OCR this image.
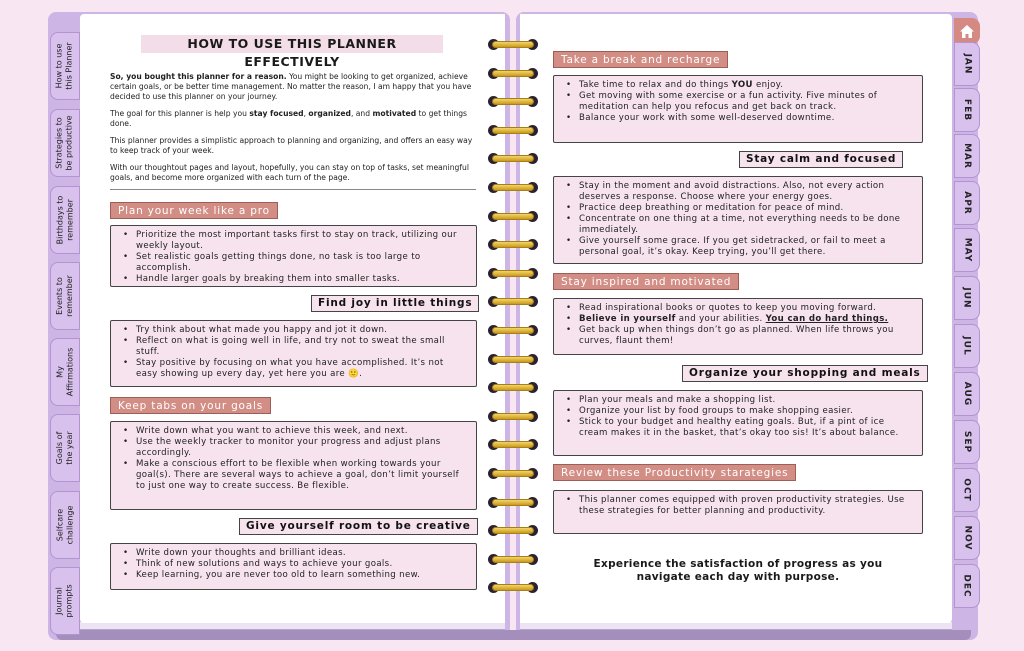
How to use
this Planner
Strategies to
be productive
Birthdays to
remember
Events to
remember
My
Affirmations
Goals of
the year
Selfcare
challenge
Journal
prompts
JAN
FEB
MAR
APR
MAY
JUN
JUL
AUG
SEP
OCT
NOV
DEC
HOW TO USE THIS PLANNER EFFECTIVELY

So, you bought this planner for a reason. You might be looking to get organized, achieve certain goals, or be better time management. No matter the reason, I am happy that you have decided to use this planner on your journey.

The goal for this planner is help you stay focused, organized, and motivated to get things done.

This planner provides a simplistic approach to planning and organizing, and offers an easy way to keep track of your week.

With our thoughtout pages and layout, hopefully, you can stay on top of tasks, set meaningful goals, and become more organized with each turn of the page.

Plan your week like a pro
• Prioritize the most important tasks first to stay on track, utilizing our weekly layout.
• Set realistic goals getting things done, no task is too large to accomplish.
• Handle larger goals by breaking them into smaller tasks.
Find joy in little things
• Try think about what made you happy and jot it down.
• Reflect on what is going well in life, and try not to sweat the small stuff.
• Stay positive by focusing on what you have accomplished. It’s not easy showing up every day, yet here you are 🙂.
Keep tabs on your goals
• Write down what you want to achieve this week, and next.
• Use the weekly tracker to monitor your progress and adjust plans accordingly.
• Make a conscious effort to be flexible when working towards your goal(s). There are several ways to achieve a goal, don’t limit yourself to just one way to create success. Be flexible.
Give yourself room to be creative
• Write down your thoughts and brilliant ideas.
• Think of new solutions and ways to achieve your goals.
• Keep learning, you are never too old to learn something new.
Take a break and recharge
• Take time to relax and do things YOU enjoy.
• Get moving with some exercise or a fun activity. Five minutes of meditation can help you refocus and get back on track.
• Balance your work with some well-deserved downtime.
Stay calm and focused
• Stay in the moment and avoid distractions. Also, not every action deserves a response. Choose where your energy goes.
• Practice deep breathing or meditation for peace of mind.
• Concentrate on one thing at a time, not everything needs to be done immediately.
• Give yourself some grace. If you get sidetracked, or fail to meet a personal goal, it’s okay. Keep trying, you’ll get there.
Stay inspired and motivated
• Read inspirational books or quotes to keep you moving forward.
• Believe in yourself and your abilities. You can do hard things.
• Get back up when things don’t go as planned. When life throws you curves, flaunt them!
Organize your shopping and meals
• Plan your meals and make a shopping list.
• Organize your list by food groups to make shopping easier.
• Stick to your budget and healthy eating goals. But, if a pint of ice cream makes it in the basket, that’s okay too sis! It’s about balance.
Review these Productivity starategies
• This planner comes equipped with proven productivity strategies. Use these strategies for better planning and productivity.
Experience the satisfaction of progress as you navigate each day with purpose.
